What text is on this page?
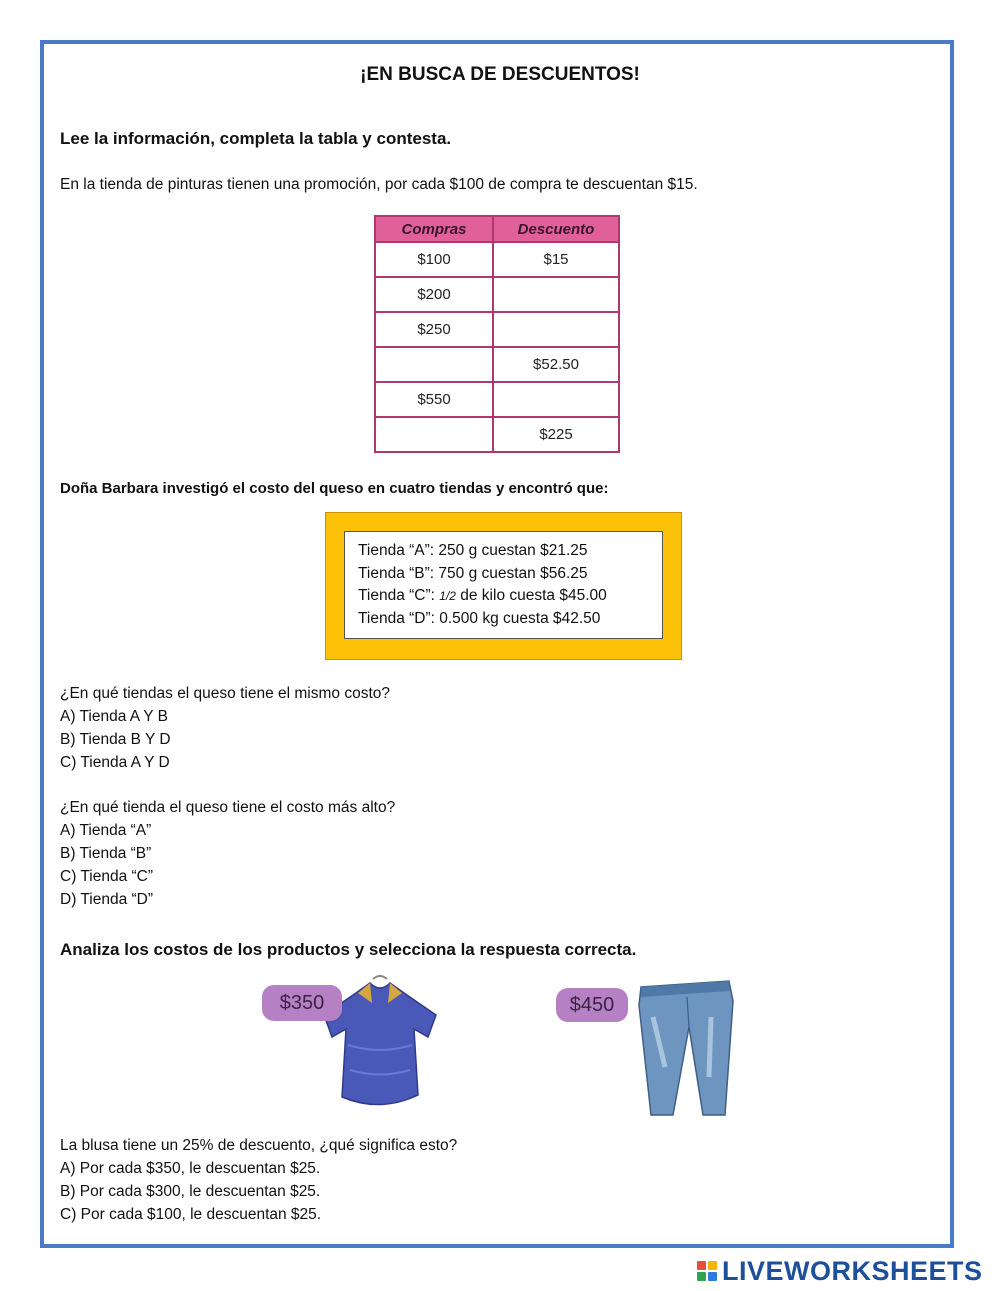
¡EN BUSCA DE DESCUENTOS!
Lee la información, completa la tabla y contesta.
En la tienda de pinturas tienen una promoción, por cada $100 de compra te descuentan $15.
Compras	Descuento
$100	$15
$200	
$250	
	$52.50
$550	
	$225
Doña Barbara investigó el costo del queso en cuatro tiendas y encontró que:
Tienda “A”: 250 g cuestan $21.25
Tienda “B”: 750 g cuestan $56.25
Tienda “C”: 1/2 de kilo cuesta $45.00
Tienda “D”: 0.500 kg cuesta $42.50
¿En qué tiendas el queso tiene el mismo costo?
A) Tienda A Y B
B) Tienda B Y D
C) Tienda A Y D
¿En qué tienda el queso tiene el costo más alto?
A) Tienda “A”
B) Tienda “B”
C) Tienda “C”
D) Tienda “D”
Analiza los costos de los productos y selecciona la respuesta correcta.
$350	$450
La blusa tiene un 25% de descuento, ¿qué significa esto?
A) Por cada $350, le descuentan $25.
B) Por cada $300, le descuentan $25.
C) Por cada $100, le descuentan $25.
LIVEWORKSHEETS
